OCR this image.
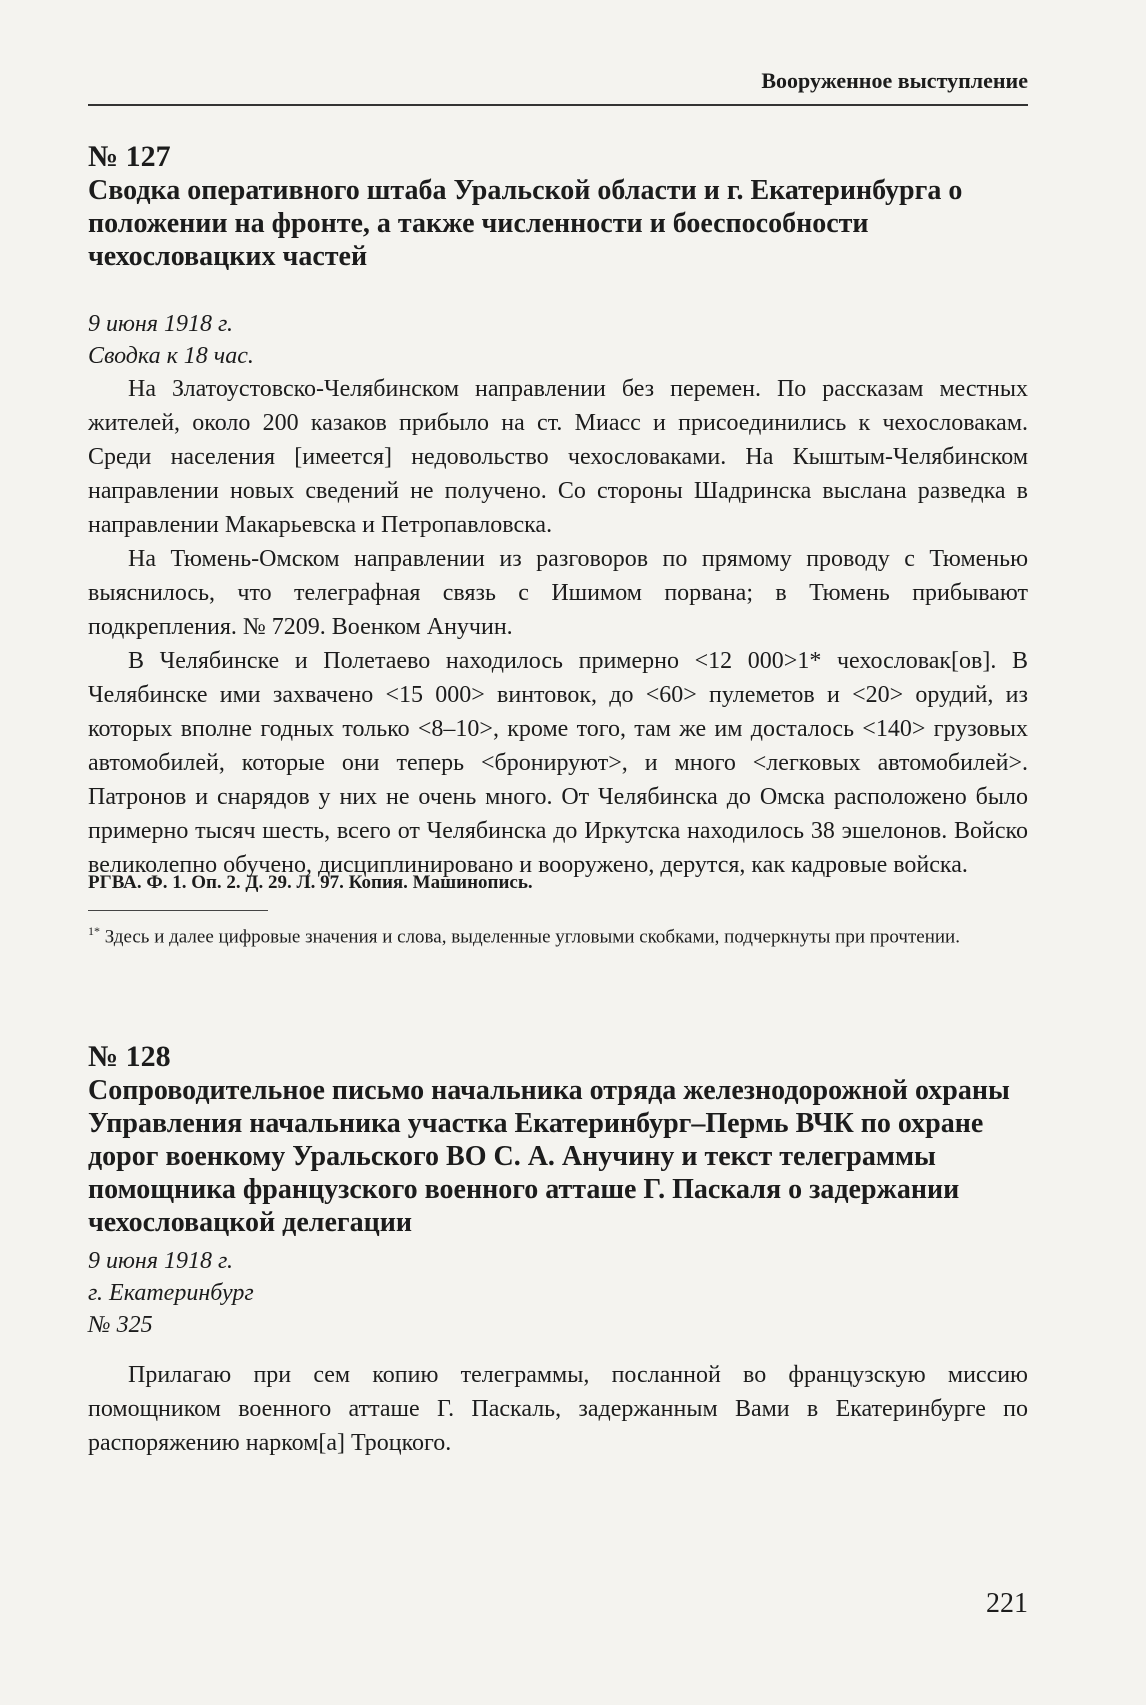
Вооруженное выступление

№ 127

Сводка оперативного штаба Уральской области и г. Екатеринбурга о положении на фронте, а также численности и боеспособности чехословацких частей

9 июня 1918 г.

Сводка к 18 час.

На Златоустовско-Челябинском направлении без перемен. По рассказам местных жителей, около 200 казаков прибыло на ст. Миасс и присоединились к чехословакам. Среди населения [имеется] недовольство чехословаками. На Кыштым-Челябинском направлении новых сведений не получено. Со стороны Шадринска выслана разведка в направлении Макарьевска и Петропавловска.

На Тюмень-Омском направлении из разговоров по прямому проводу с Тюменью выяснилось, что телеграфная связь с Ишимом порвана; в Тюмень прибывают подкрепления. № 7209. Военком Анучин.

В Челябинске и Полетаево находилось примерно <12 000>1* чехословак[ов]. В Челябинске ими захвачено <15 000> винтовок, до <60> пулеметов и <20> орудий, из которых вполне годных только <8–10>, кроме того, там же им досталось <140> грузовых автомобилей, которые они теперь <бронируют>, и много <легковых автомобилей>. Патронов и снарядов у них не очень много. От Челябинска до Омска расположено было примерно тысяч шесть, всего от Челябинска до Иркутска находилось 38 эшелонов. Войско великолепно обучено, дисциплинировано и вооружено, дерутся, как кадровые войска.

РГВА. Ф. 1. Оп. 2. Д. 29. Л. 97. Копия. Машинопись.

$^{1*}$ Здесь и далее цифровые значения и слова, выделенные угловыми скобками, подчеркнуты при прочтении.

№ 128

Сопроводительное письмо начальника отряда железнодорожной охраны Управления начальника участка Екатеринбург–Пермь ВЧК по охране дорог военкому Уральского ВО С. А. Анучину и текст телеграммы помощника французского военного атташе Г. Паскаля о задержании чехословацкой делегации

9 июня 1918 г.

г. Екатеринбург

№ 325

Прилагаю при сем копию телеграммы, посланной во французскую миссию помощником военного атташе Г. Паскаль, задержанным Вами в Екатеринбурге по распоряжению нарком[а] Троцкого.

221
